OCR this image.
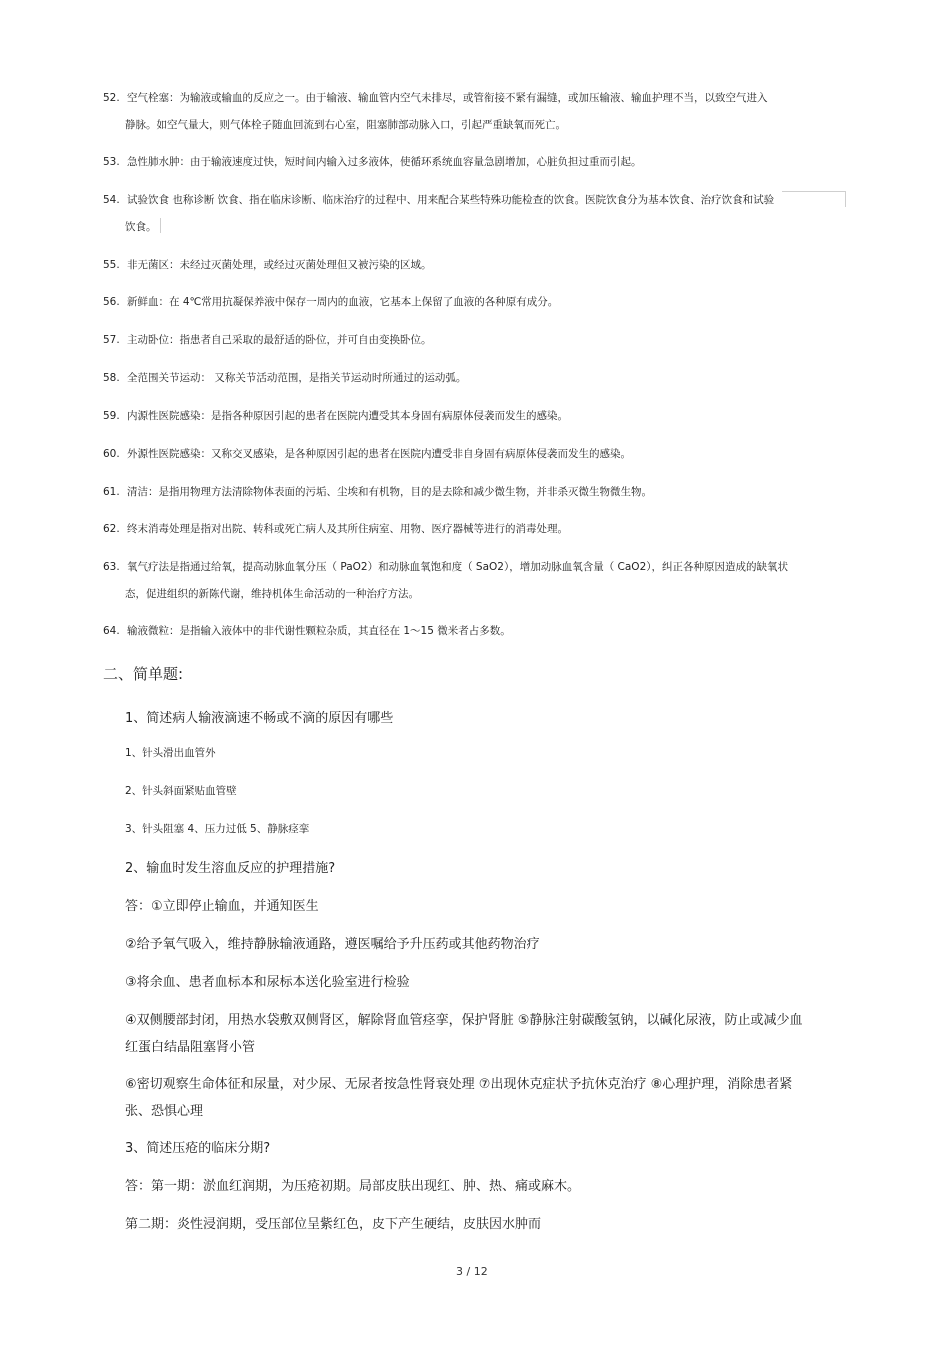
52. 空气栓塞：为输液或输血的反应之一。由于输液、输血管内空气未排尽，或管衔接不紧有漏缝，或加压输液、输血护理不当，以致空气进入
静脉。如空气量大，则气体栓子随血回流到右心室，阻塞肺部动脉入口，引起严重缺氧而死亡。
53. 急性肺水肿：由于输液速度过快，短时间内输入过多液体，使循环系统血容量急剧增加，心脏负担过重而引起。
54. 试验饮食 也称诊断 饮食、指在临床诊断、临床治疗的过程中、用来配合某些特殊功能检查的饮食。医院饮食分为基本饮食、治疗饮食和试验
饮食。
55. 非无菌区：未经过灭菌处理，或经过灭菌处理但又被污染的区域。
56. 新鲜血：在 4℃常用抗凝保养液中保存一周内的血液，它基本上保留了血液的各种原有成分。
57. 主动卧位：指患者自己采取的最舒适的卧位，并可自由变换卧位。
58. 全范围关节运动： 又称关节活动范围，是指关节运动时所通过的运动弧。
59. 内源性医院感染：是指各种原因引起的患者在医院内遭受其本身固有病原体侵袭而发生的感染。
60. 外源性医院感染：又称交叉感染，是各种原因引起的患者在医院内遭受非自身固有病原体侵袭而发生的感染。
61. 清洁：是指用物理方法清除物体表面的污垢、尘埃和有机物，目的是去除和减少微生物，并非杀灭微生物微生物。
62. 终末消毒处理是指对出院、转科或死亡病人及其所住病室、用物、医疗器械等进行的消毒处理。
63. 氧气疗法是指通过给氧，提高动脉血氧分压（ PaO2）和动脉血氧饱和度（ SaO2），增加动脉血氧含量（ CaO2），纠正各种原因造成的缺氧状
态，促进组织的新陈代谢，维持机体生命活动的一种治疗方法。
64. 输液微粒：是指输入液体中的非代谢性颗粒杂质，其直径在 1～15 微米者占多数。
二、简单题:
1、简述病人输液滴速不畅或不滴的原因有哪些
1、针头滑出血管外
2、针头斜面紧贴血管壁
3、针头阻塞 4、压力过低 5、静脉痉挛
2、输血时发生溶血反应的护理措施?
答：①立即停止输血，并通知医生
②给予氧气吸入，维持静脉输液通路，遵医嘱给予升压药或其他药物治疗
③将余血、患者血标本和尿标本送化验室进行检验
④双侧腰部封闭，用热水袋敷双侧肾区，解除肾血管痉挛，保护肾脏 ⑤静脉注射碳酸氢钠，以碱化尿液，防止或减少血
红蛋白结晶阻塞肾小管
⑥密切观察生命体征和尿量，对少尿、无尿者按急性肾衰处理 ⑦出现休克症状予抗休克治疗 ⑧心理护理，消除患者紧
张、恐惧心理
3、简述压疮的临床分期?
答：第一期：淤血红润期，为压疮初期。局部皮肤出现红、肿、热、痛或麻木。
第二期：炎性浸润期，受压部位呈紫红色，皮下产生硬结，皮肤因水肿而
3 / 12
